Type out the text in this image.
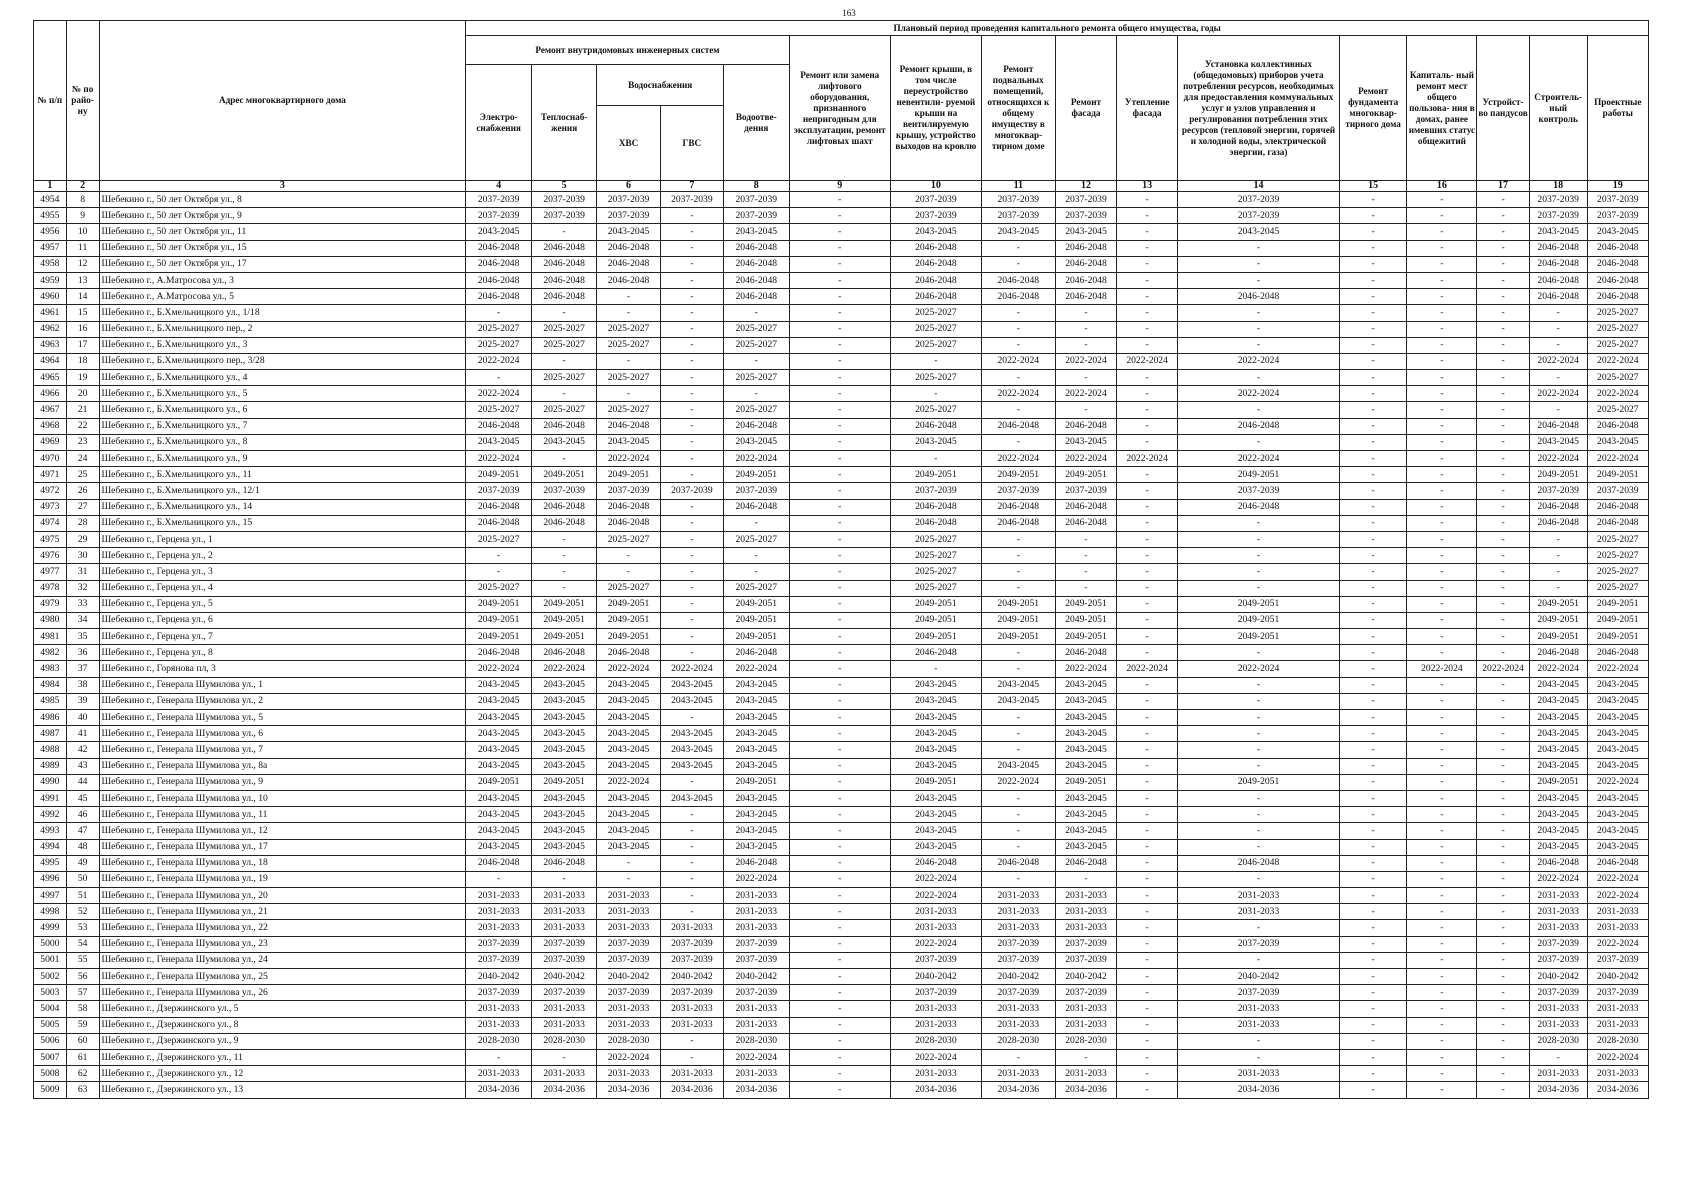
163
№ п/п	№ по райо- ну	Адрес многоквартирного дома	Плановый период проведения капитального ремонта общего имущества, годы															
			Ремонт внутридомовых инженерных систем					Ремонт или замена лифтового оборудования, признанного непригодным для эксплуатации, ремонт лифтовых шахт	Ремонт крыши, в том числе переустройство невентили- руемой крыши на вентилируемую крышу, устройство выходов на кровлю	Ремонт подвальных помещений, относящихся к общему имуществу в многоквар- тирном доме	Ремонт фасада	Утепление фасада	Установка коллективных (общедомовых) приборов учета потребления ресурсов, необходимых для предоставления коммунальных услуг и узлов управления и регулирования потребления этих ресурсов (тепловой энергии, горячей и холодной воды, электрической энергии, газа)	Ремонт фундамента многоквар- тирного дома	Капиталь- ный ремонт мест общего пользова- ния в домах, ранее имевших статус общежитий	Устройст- во пандусов	Строитель- ный контроль	Проектные работы
			Электро- снабжения	Теплоснаб- жения	Водоснабжения		Водоотве- дения											
					ХВС	ГВС												
1	2	3	4	5	6	7	8	9	10	11	12	13	14	15	16	17	18	19
4954	8	Шебекино г., 50 лет Октября ул., 8	2037-2039	2037-2039	2037-2039	2037-2039	2037-2039	-	2037-2039	2037-2039	2037-2039	-	2037-2039	-	-	-	2037-2039	2037-2039
4955	9	Шебекино г., 50 лет Октября ул., 9	2037-2039	2037-2039	2037-2039	-	2037-2039	-	2037-2039	2037-2039	2037-2039	-	2037-2039	-	-	-	2037-2039	2037-2039
4956	10	Шебекино г., 50 лет Октября ул., 11	2043-2045	-	2043-2045	-	2043-2045	-	2043-2045	2043-2045	2043-2045	-	2043-2045	-	-	-	2043-2045	2043-2045
4957	11	Шебекино г., 50 лет Октября ул., 15	2046-2048	2046-2048	2046-2048	-	2046-2048	-	2046-2048	-	2046-2048	-	-	-	-	-	2046-2048	2046-2048
4958	12	Шебекино г., 50 лет Октября ул., 17	2046-2048	2046-2048	2046-2048	-	2046-2048	-	2046-2048	-	2046-2048	-	-	-	-	-	2046-2048	2046-2048
4959	13	Шебекино г., А.Матросова ул., 3	2046-2048	2046-2048	2046-2048	-	2046-2048	-	2046-2048	2046-2048	2046-2048	-	-	-	-	-	2046-2048	2046-2048
4960	14	Шебекино г., А.Матросова ул., 5	2046-2048	2046-2048	-	-	2046-2048	-	2046-2048	2046-2048	2046-2048	-	2046-2048	-	-	-	2046-2048	2046-2048
4961	15	Шебекино г., Б.Хмельницкого ул., 1/18	-	-	-	-	-	-	2025-2027	-	-	-	-	-	-	-	-	2025-2027
4962	16	Шебекино г., Б.Хмельницкого пер., 2	2025-2027	2025-2027	2025-2027	-	2025-2027	-	2025-2027	-	-	-	-	-	-	-	-	2025-2027
4963	17	Шебекино г., Б.Хмельницкого ул., 3	2025-2027	2025-2027	2025-2027	-	2025-2027	-	2025-2027	-	-	-	-	-	-	-	-	2025-2027
4964	18	Шебекино г., Б.Хмельницкого пер., 3/28	2022-2024	-	-	-	-	-	-	2022-2024	2022-2024	2022-2024	2022-2024	-	-	-	2022-2024	2022-2024
4965	19	Шебекино г., Б.Хмельницкого ул., 4	-	2025-2027	2025-2027	-	2025-2027	-	2025-2027	-	-	-	-	-	-	-	-	2025-2027
4966	20	Шебекино г., Б.Хмельницкого ул., 5	2022-2024	-	-	-	-	-	-	2022-2024	2022-2024	-	2022-2024	-	-	-	2022-2024	2022-2024
4967	21	Шебекино г., Б.Хмельницкого ул., 6	2025-2027	2025-2027	2025-2027	-	2025-2027	-	2025-2027	-	-	-	-	-	-	-	-	2025-2027
4968	22	Шебекино г., Б.Хмельницкого ул., 7	2046-2048	2046-2048	2046-2048	-	2046-2048	-	2046-2048	2046-2048	2046-2048	-	2046-2048	-	-	-	2046-2048	2046-2048
4969	23	Шебекино г., Б.Хмельницкого ул., 8	2043-2045	2043-2045	2043-2045	-	2043-2045	-	2043-2045	-	2043-2045	-	-	-	-	-	2043-2045	2043-2045
4970	24	Шебекино г., Б.Хмельницкого ул., 9	2022-2024	-	2022-2024	-	2022-2024	-	-	2022-2024	2022-2024	2022-2024	2022-2024	-	-	-	2022-2024	2022-2024
4971	25	Шебекино г., Б.Хмельницкого ул., 11	2049-2051	2049-2051	2049-2051	-	2049-2051	-	2049-2051	2049-2051	2049-2051	-	2049-2051	-	-	-	2049-2051	2049-2051
4972	26	Шебекино г., Б.Хмельницкого ул., 12/1	2037-2039	2037-2039	2037-2039	2037-2039	2037-2039	-	2037-2039	2037-2039	2037-2039	-	2037-2039	-	-	-	2037-2039	2037-2039
4973	27	Шебекино г., Б.Хмельницкого ул., 14	2046-2048	2046-2048	2046-2048	-	2046-2048	-	2046-2048	2046-2048	2046-2048	-	2046-2048	-	-	-	2046-2048	2046-2048
4974	28	Шебекино г., Б.Хмельницкого ул., 15	2046-2048	2046-2048	2046-2048	-	-	-	2046-2048	2046-2048	2046-2048	-	-	-	-	-	2046-2048	2046-2048
4975	29	Шебекино г., Герцена ул., 1	2025-2027	-	2025-2027	-	2025-2027	-	2025-2027	-	-	-	-	-	-	-	-	2025-2027
4976	30	Шебекино г., Герцена ул., 2	-	-	-	-	-	-	2025-2027	-	-	-	-	-	-	-	-	2025-2027
4977	31	Шебекино г., Герцена ул., 3	-	-	-	-	-	-	2025-2027	-	-	-	-	-	-	-	-	2025-2027
4978	32	Шебекино г., Герцена ул., 4	2025-2027	-	2025-2027	-	2025-2027	-	2025-2027	-	-	-	-	-	-	-	-	2025-2027
4979	33	Шебекино г., Герцена ул., 5	2049-2051	2049-2051	2049-2051	-	2049-2051	-	2049-2051	2049-2051	2049-2051	-	2049-2051	-	-	-	2049-2051	2049-2051
4980	34	Шебекино г., Герцена ул., 6	2049-2051	2049-2051	2049-2051	-	2049-2051	-	2049-2051	2049-2051	2049-2051	-	2049-2051	-	-	-	2049-2051	2049-2051
4981	35	Шебекино г., Герцена ул., 7	2049-2051	2049-2051	2049-2051	-	2049-2051	-	2049-2051	2049-2051	2049-2051	-	2049-2051	-	-	-	2049-2051	2049-2051
4982	36	Шебекино г., Герцена ул., 8	2046-2048	2046-2048	2046-2048	-	2046-2048	-	2046-2048	-	2046-2048	-	-	-	-	-	2046-2048	2046-2048
4983	37	Шебекино г., Горянова пл, 3	2022-2024	2022-2024	2022-2024	2022-2024	2022-2024	-	-	-	2022-2024	2022-2024	2022-2024	-	2022-2024	2022-2024	2022-2024	2022-2024
4984	38	Шебекино г., Генерала Шумилова ул., 1	2043-2045	2043-2045	2043-2045	2043-2045	2043-2045	-	2043-2045	2043-2045	2043-2045	-	-	-	-	-	2043-2045	2043-2045
4985	39	Шебекино г., Генерала Шумилова ул., 2	2043-2045	2043-2045	2043-2045	2043-2045	2043-2045	-	2043-2045	2043-2045	2043-2045	-	-	-	-	-	2043-2045	2043-2045
4986	40	Шебекино г., Генерала Шумилова ул., 5	2043-2045	2043-2045	2043-2045	-	2043-2045	-	2043-2045	-	2043-2045	-	-	-	-	-	2043-2045	2043-2045
4987	41	Шебекино г., Генерала Шумилова ул., 6	2043-2045	2043-2045	2043-2045	2043-2045	2043-2045	-	2043-2045	-	2043-2045	-	-	-	-	-	2043-2045	2043-2045
4988	42	Шебекино г., Генерала Шумилова ул., 7	2043-2045	2043-2045	2043-2045	2043-2045	2043-2045	-	2043-2045	-	2043-2045	-	-	-	-	-	2043-2045	2043-2045
4989	43	Шебекино г., Генерала Шумилова ул., 8а	2043-2045	2043-2045	2043-2045	2043-2045	2043-2045	-	2043-2045	2043-2045	2043-2045	-	-	-	-	-	2043-2045	2043-2045
4990	44	Шебекино г., Генерала Шумилова ул., 9	2049-2051	2049-2051	2022-2024	-	2049-2051	-	2049-2051	2022-2024	2049-2051	-	2049-2051	-	-	-	2049-2051	2022-2024
4991	45	Шебекино г., Генерала Шумилова ул., 10	2043-2045	2043-2045	2043-2045	2043-2045	2043-2045	-	2043-2045	-	2043-2045	-	-	-	-	-	2043-2045	2043-2045
4992	46	Шебекино г., Генерала Шумилова ул., 11	2043-2045	2043-2045	2043-2045	-	2043-2045	-	2043-2045	-	2043-2045	-	-	-	-	-	2043-2045	2043-2045
4993	47	Шебекино г., Генерала Шумилова ул., 12	2043-2045	2043-2045	2043-2045	-	2043-2045	-	2043-2045	-	2043-2045	-	-	-	-	-	2043-2045	2043-2045
4994	48	Шебекино г., Генерала Шумилова ул., 17	2043-2045	2043-2045	2043-2045	-	2043-2045	-	2043-2045	-	2043-2045	-	-	-	-	-	2043-2045	2043-2045
4995	49	Шебекино г., Генерала Шумилова ул., 18	2046-2048	2046-2048	-	-	2046-2048	-	2046-2048	2046-2048	2046-2048	-	2046-2048	-	-	-	2046-2048	2046-2048
4996	50	Шебекино г., Генерала Шумилова ул., 19	-	-	-	-	2022-2024	-	2022-2024	-	-	-	-	-	-	-	2022-2024	2022-2024
4997	51	Шебекино г., Генерала Шумилова ул., 20	2031-2033	2031-2033	2031-2033	-	2031-2033	-	2022-2024	2031-2033	2031-2033	-	2031-2033	-	-	-	2031-2033	2022-2024
4998	52	Шебекино г., Генерала Шумилова ул., 21	2031-2033	2031-2033	2031-2033	-	2031-2033	-	2031-2033	2031-2033	2031-2033	-	2031-2033	-	-	-	2031-2033	2031-2033
4999	53	Шебекино г., Генерала Шумилова ул., 22	2031-2033	2031-2033	2031-2033	2031-2033	2031-2033	-	2031-2033	2031-2033	2031-2033	-	-	-	-	-	2031-2033	2031-2033
5000	54	Шебекино г., Генерала Шумилова ул., 23	2037-2039	2037-2039	2037-2039	2037-2039	2037-2039	-	2022-2024	2037-2039	2037-2039	-	2037-2039	-	-	-	2037-2039	2022-2024
5001	55	Шебекино г., Генерала Шумилова ул., 24	2037-2039	2037-2039	2037-2039	2037-2039	2037-2039	-	2037-2039	2037-2039	2037-2039	-	-	-	-	-	2037-2039	2037-2039
5002	56	Шебекино г., Генерала Шумилова ул., 25	2040-2042	2040-2042	2040-2042	2040-2042	2040-2042	-	2040-2042	2040-2042	2040-2042	-	2040-2042	-	-	-	2040-2042	2040-2042
5003	57	Шебекино г., Генерала Шумилова ул., 26	2037-2039	2037-2039	2037-2039	2037-2039	2037-2039	-	2037-2039	2037-2039	2037-2039	-	2037-2039	-	-	-	2037-2039	2037-2039
5004	58	Шебекино г., Дзержинского ул., 5	2031-2033	2031-2033	2031-2033	2031-2033	2031-2033	-	2031-2033	2031-2033	2031-2033	-	2031-2033	-	-	-	2031-2033	2031-2033
5005	59	Шебекино г., Дзержинского ул., 8	2031-2033	2031-2033	2031-2033	2031-2033	2031-2033	-	2031-2033	2031-2033	2031-2033	-	2031-2033	-	-	-	2031-2033	2031-2033
5006	60	Шебекино г., Дзержинского ул., 9	2028-2030	2028-2030	2028-2030	-	2028-2030	-	2028-2030	2028-2030	2028-2030	-	-	-	-	-	2028-2030	2028-2030
5007	61	Шебекино г., Дзержинского ул., 11	-	-	2022-2024	-	2022-2024	-	2022-2024	-	-	-	-	-	-	-	-	2022-2024
5008	62	Шебекино г., Дзержинского ул., 12	2031-2033	2031-2033	2031-2033	2031-2033	2031-2033	-	2031-2033	2031-2033	2031-2033	-	2031-2033	-	-	-	2031-2033	2031-2033
5009	63	Шебекино г., Дзержинского ул., 13	2034-2036	2034-2036	2034-2036	2034-2036	2034-2036	-	2034-2036	2034-2036	2034-2036	-	2034-2036	-	-	-	2034-2036	2034-2036
